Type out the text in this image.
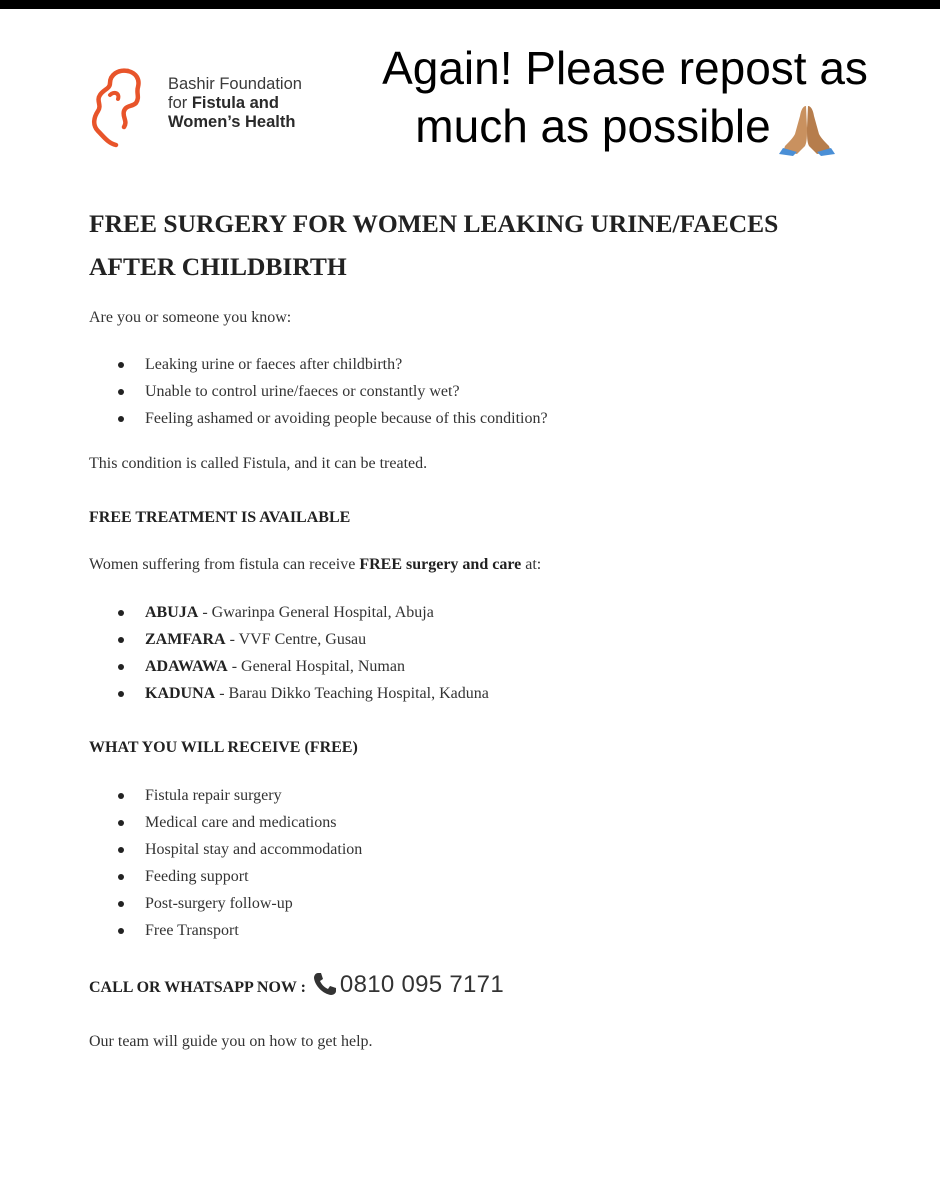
Bashir Foundation
for Fistula and
Women’s Health
Again! Please repost as
much as possible
FREE SURGERY FOR WOMEN LEAKING URINE/FAECES
AFTER CHILDBIRTH
Are you or someone you know:
Leaking urine or faeces after childbirth?
Unable to control urine/faeces or constantly wet?
Feeling ashamed or avoiding people because of this condition?
This condition is called Fistula, and it can be treated.
FREE TREATMENT IS AVAILABLE
Women suffering from fistula can receive FREE surgery and care at:
ABUJA - Gwarinpa General Hospital, Abuja
ZAMFARA - VVF Centre, Gusau
ADAWAWA - General Hospital, Numan
KADUNA - Barau Dikko Teaching Hospital, Kaduna
WHAT YOU WILL RECEIVE (FREE)
Fistula repair surgery
Medical care and medications
Hospital stay and accommodation
Feeding support
Post-surgery follow-up
Free Transport
CALL OR WHATSAPP NOW : 0810 095 7171
Our team will guide you on how to get help.
